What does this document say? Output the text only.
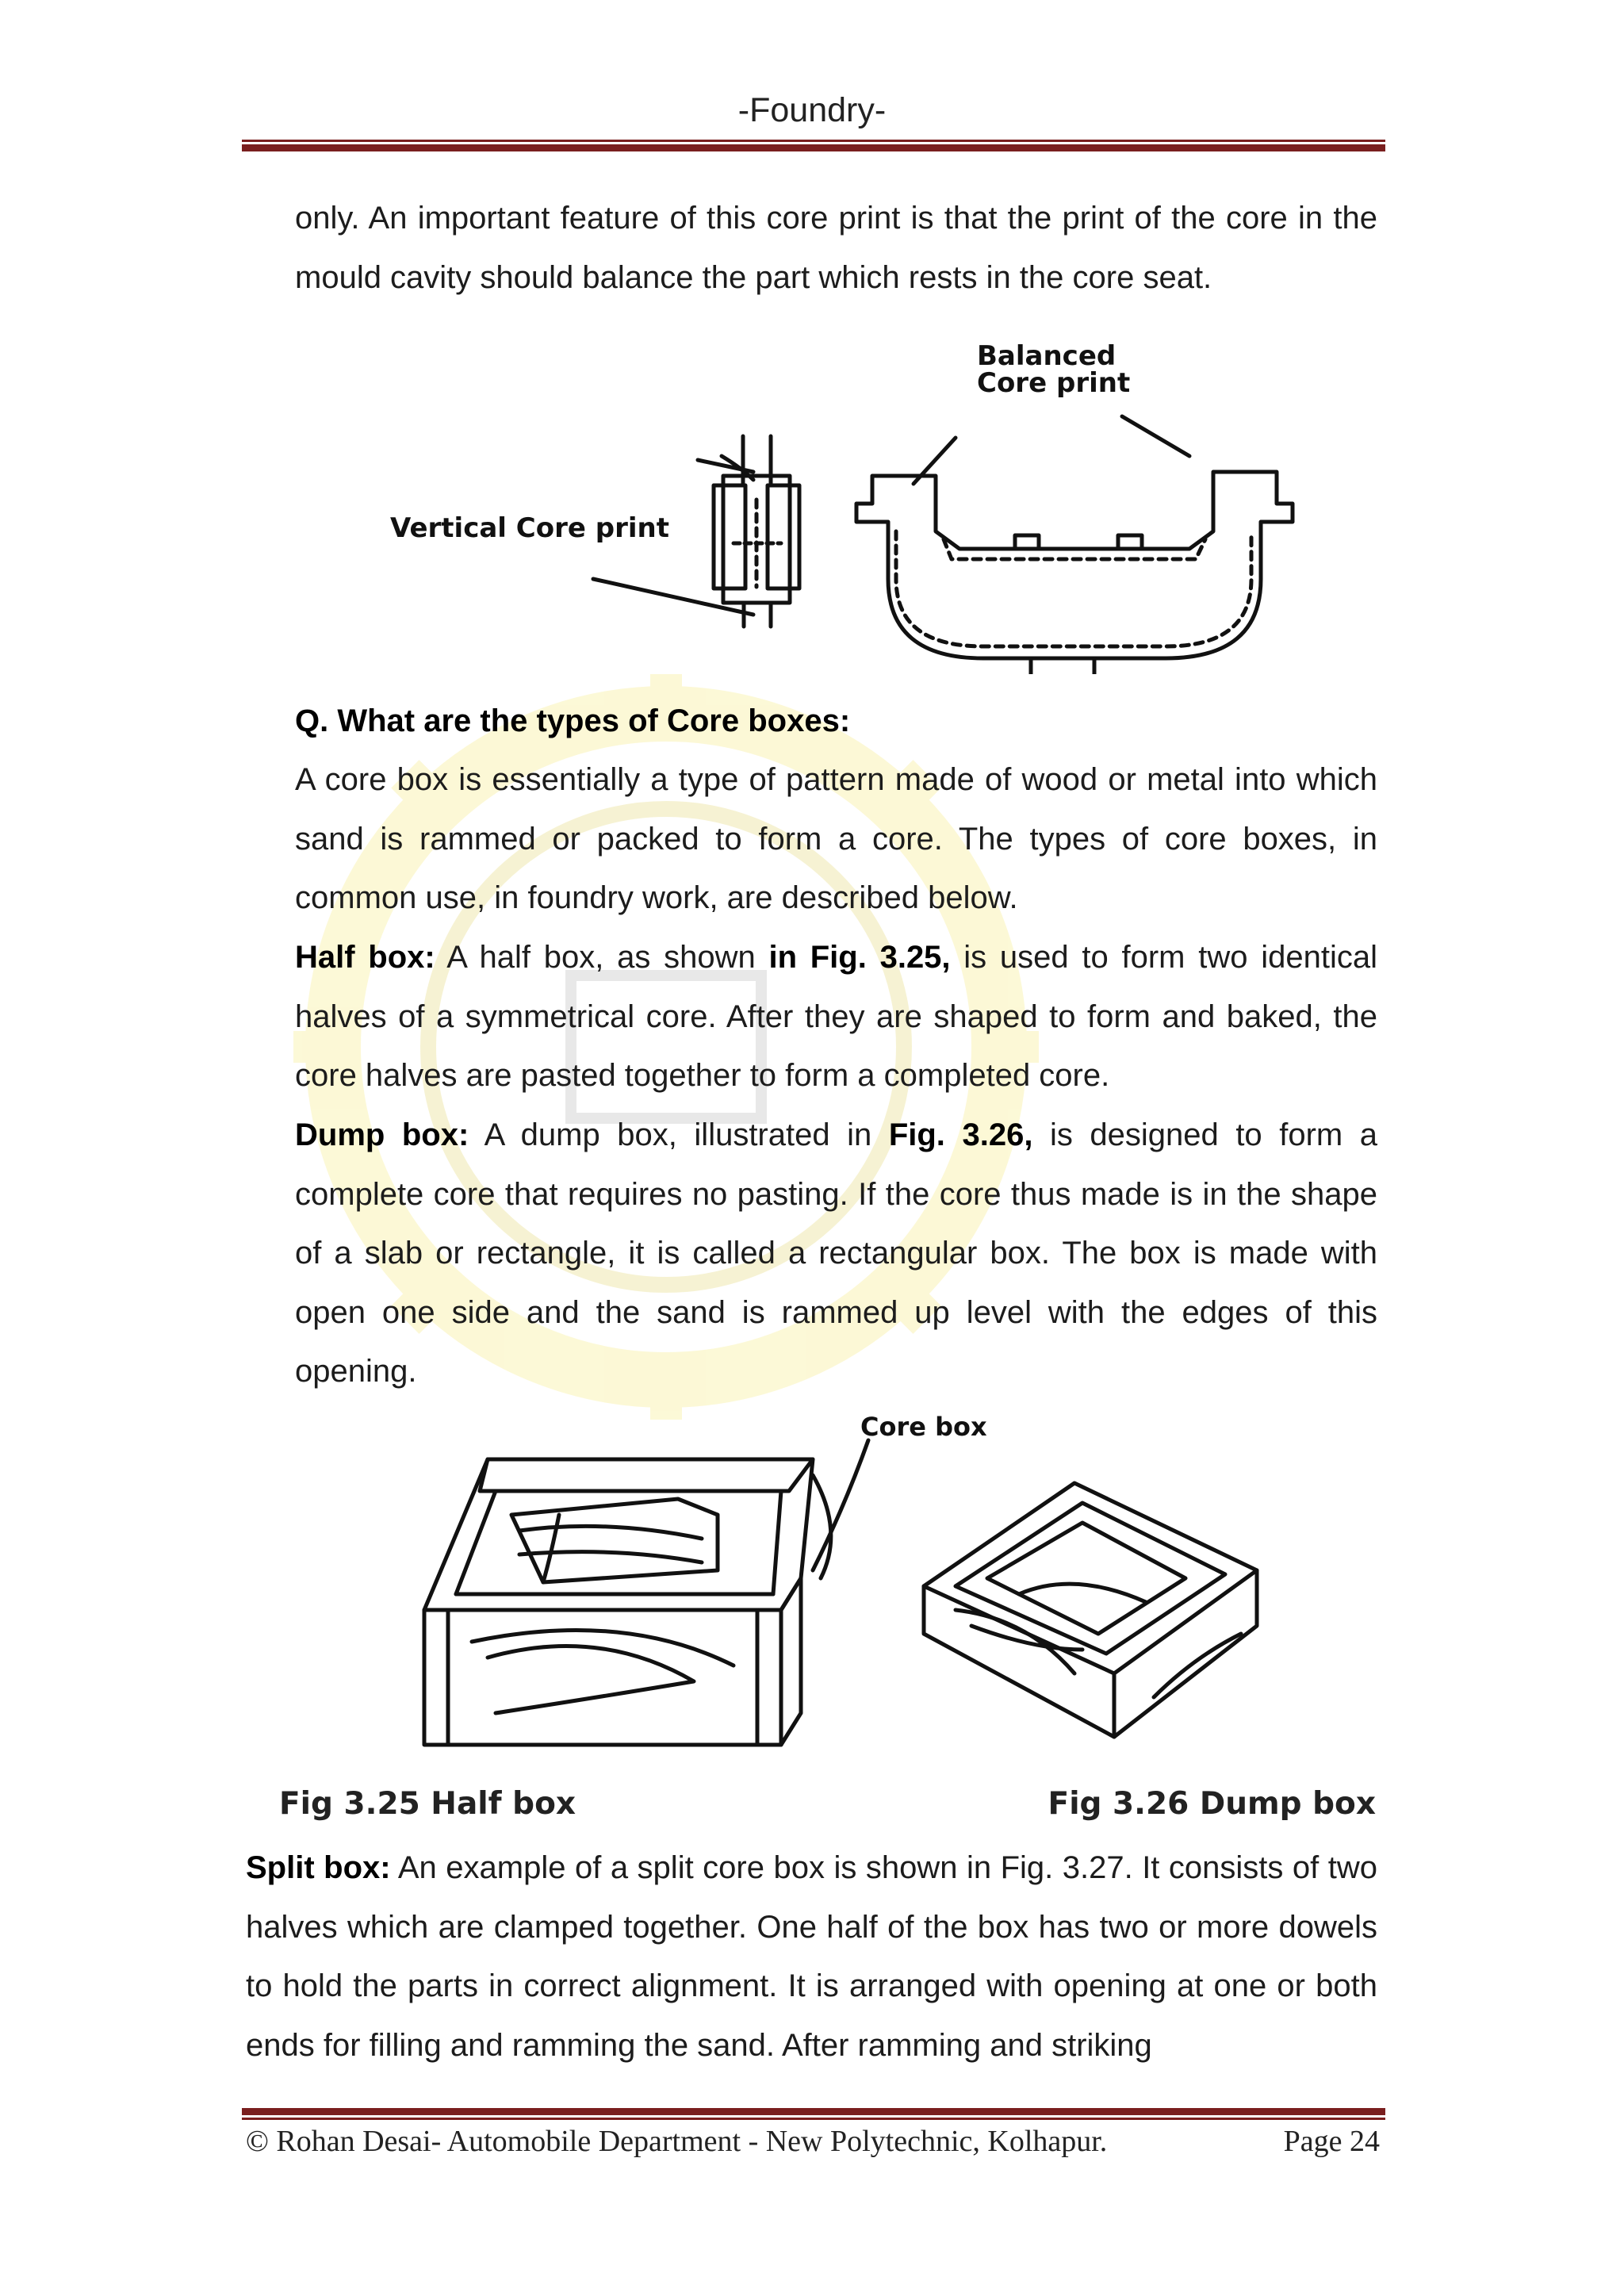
-Foundry-
only. An important feature of this core print is that the print of the core in the mould cavity should balance the part which rests in the core seat.
Vertical Core print
Balanced
Core print
Q. What are the types of Core boxes:
A core box is essentially a type of pattern made of wood or metal into which sand is rammed or packed to form a core. The types of core boxes, in common use, in foundry work, are described below.
Half box: A half box, as shown in Fig. 3.25, is used to form two identical halves of a symmetrical core. After they are shaped to form and baked, the core halves are pasted together to form a completed core.
Dump box: A dump box, illustrated in Fig. 3.26, is designed to form a complete core that requires no pasting. If the core thus made is in the shape of a slab or rectangle, it is called a rectangular box. The box is made with open one side and the sand is rammed up level with the edges of this opening.
Core box
Fig 3.25 Half box	Fig 3.26 Dump box
Split box: An example of a split core box is shown in Fig. 3.27. It consists of two halves which are clamped together. One half of the box has two or more dowels to hold the parts in correct alignment. It is arranged with opening at one or both ends for filling and ramming the sand. After ramming and striking
© Rohan Desai- Automobile Department - New Polytechnic, Kolhapur.	Page 24
